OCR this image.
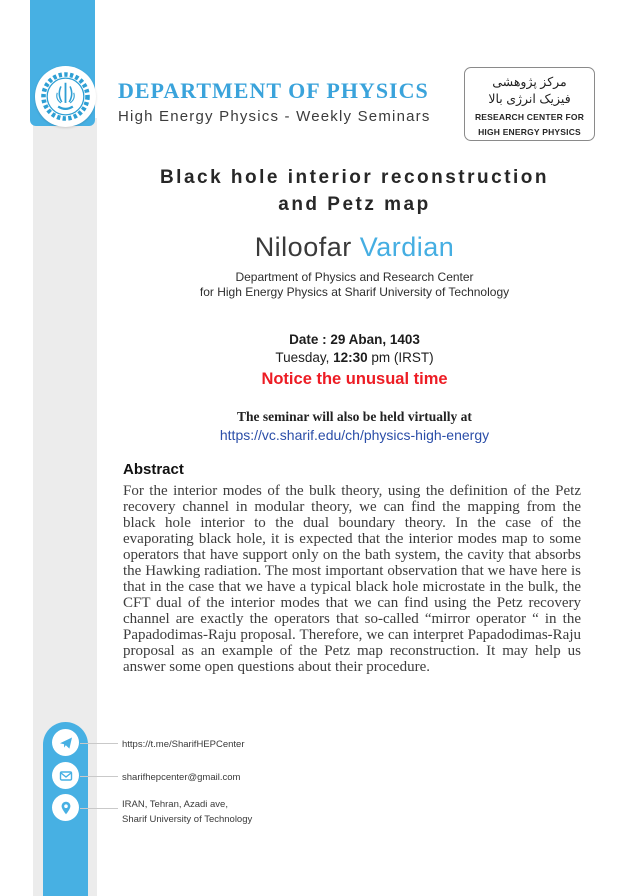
DEPARTMENT OF PHYSICS
High Energy Physics - Weekly Seminars
مرکز پژوهشی
فیزیک انرژی بالا
RESEARCH CENTER FOR
HIGH ENERGY PHYSICS
Black hole interior reconstruction
and Petz map
Niloofar Vardian
Department of Physics and Research Center
for High Energy Physics at Sharif University of Technology
Date : 29 Aban, 1403
Tuesday, 12:30 pm (IRST)
Notice the unusual time
The seminar will also be held virtually at
https://vc.sharif.edu/ch/physics-high-energy
Abstract

For the interior modes of the bulk theory, using the definition of the Petz recovery channel in modular theory, we can find the mapping from the black hole interior to the dual boundary theory. In the case of the evaporating black hole, it is expected that the interior modes map to some operators that have support only on the bath system, the cavity that absorbs the Hawking radiation. The most important observation that we have here is that in the case that we have a typical black hole microstate in the bulk, the CFT dual of the interior modes that we can find using the Petz recovery channel are exactly the operators that so-called “mirror operator “ in the Papadodimas-Raju proposal. Therefore, we can interpret Papadodimas-Raju proposal as an example of the Petz map reconstruction. It may help us answer some open questions about their procedure.

https://t.me/SharifHEPCenter
sharifhepcenter@gmail.com
IRAN, Tehran, Azadi ave,
Sharif University of Technology
